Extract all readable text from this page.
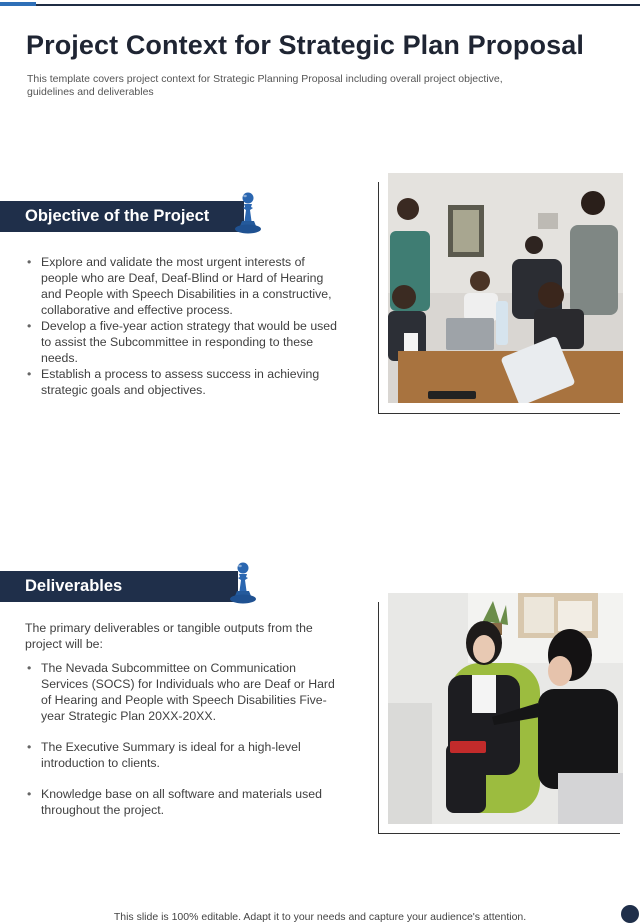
Project Context for Strategic Plan Proposal

This template covers project context for Strategic Planning Proposal including overall project objective, guidelines and deliverables

Objective of the Project
• Explore and validate the most urgent interests of people who are Deaf, Deaf-Blind or Hard of Hearing and People with Speech Disabilities in a constructive, collaborative and effective process.
• Develop a five-year action strategy that would be used to assist the Subcommittee in responding to these needs.
• Establish a process to assess success in achieving strategic goals and objectives.
Deliverables

The primary deliverables or tangible outputs from the project will be:

• The Nevada Subcommittee on Communication Services (SOCS) for Individuals who are Deaf or Hard of Hearing and People with Speech Disabilities Five-year Strategic Plan 20XX-20XX.
• The Executive Summary is ideal for a high-level introduction to clients.
• Knowledge base on all software and materials used throughout the project.
This slide is 100% editable. Adapt it to your needs and capture your audience's attention.
